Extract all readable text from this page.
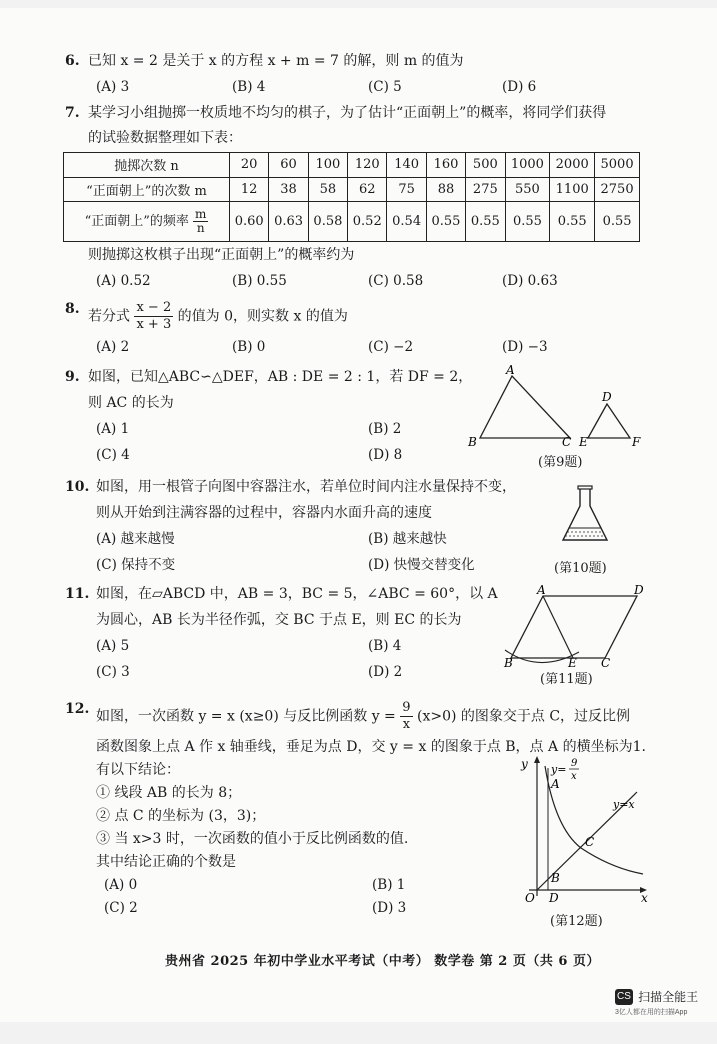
6. 已知 x = 2 是关于 x 的方程 x + m = 7 的解，则 m 的值为
(A) 3	(B) 4	(C) 5	(D) 6
7. 某学习小组抛掷一枚质地不均匀的棋子，为了估计“正面朝上”的概率，将同学们获得
的试验数据整理如下表：
抛掷次数 n	20	60	100	120	140	160	500	1000	2000	5000
“正面朝上”的次数 m	12	38	58	62	75	88	275	550	1100	2750
“正面朝上”的频率 $\frac{m}{n}$	0.60	0.63	0.58	0.52	0.54	0.55	0.55	0.55	0.55	0.55
则抛掷这枚棋子出现“正面朝上”的概率约为
(A) 0.52	(B) 0.55	(C) 0.58	(D) 0.63
8. 若分式 $\frac{x - 2}{x + 3}$ 的值为 0，则实数 x 的值为
(A) 2	(B) 0	(C) −2	(D) −3
9. 如图，已知△ABC∽△DEF，AB : DE = 2 : 1，若 DF = 2，
则 AC 的长为
(A) 1	(B) 2
(C) 4	(D) 8
A
B	C
D
E	F
(第9题)
10. 如图，用一根管子向图中容器注水，若单位时间内注水量保持不变，
则从开始到注满容器的过程中，容器内水面升高的速度
(A) 越来越慢	(B) 越来越快
(C) 保持不变	(D) 快慢交替变化	(第10题)
11. 如图，在▱ABCD 中，AB = 3，BC = 5，∠ABC = 60°，以 A
为圆心，AB 长为半径作弧，交 BC 于点 E，则 EC 的长为
(A) 5	(B) 4
(C) 3	(D) 2
A	D
B	E C
(第11题)
12. 如图，一次函数 y = x (x≥0) 与反比例函数 $y = \frac{9}{x} (x>0)$ 的图象交于点 C，过反比例
函数图象上点 A 作 x 轴垂线，垂足为点 D，交 y = x 的图象于点 B，点 A 的横坐标为1.
有以下结论：
① 线段 AB 的长为 8；
② 点 C 的坐标为 (3，3)；
③ 当 x>3 时，一次函数的值小于反比例函数的值.
其中结论正确的个数是
(A) 0	(B) 1
(C) 2	(D) 3
y
x
O
A
B
C
D
y=x
y= 9
x
(第12题)
贵州省 2025 年初中学业水平考试（中考） 数学卷 第 2 页（共 6 页）
CS 扫描全能王
3亿人都在用的扫描App
